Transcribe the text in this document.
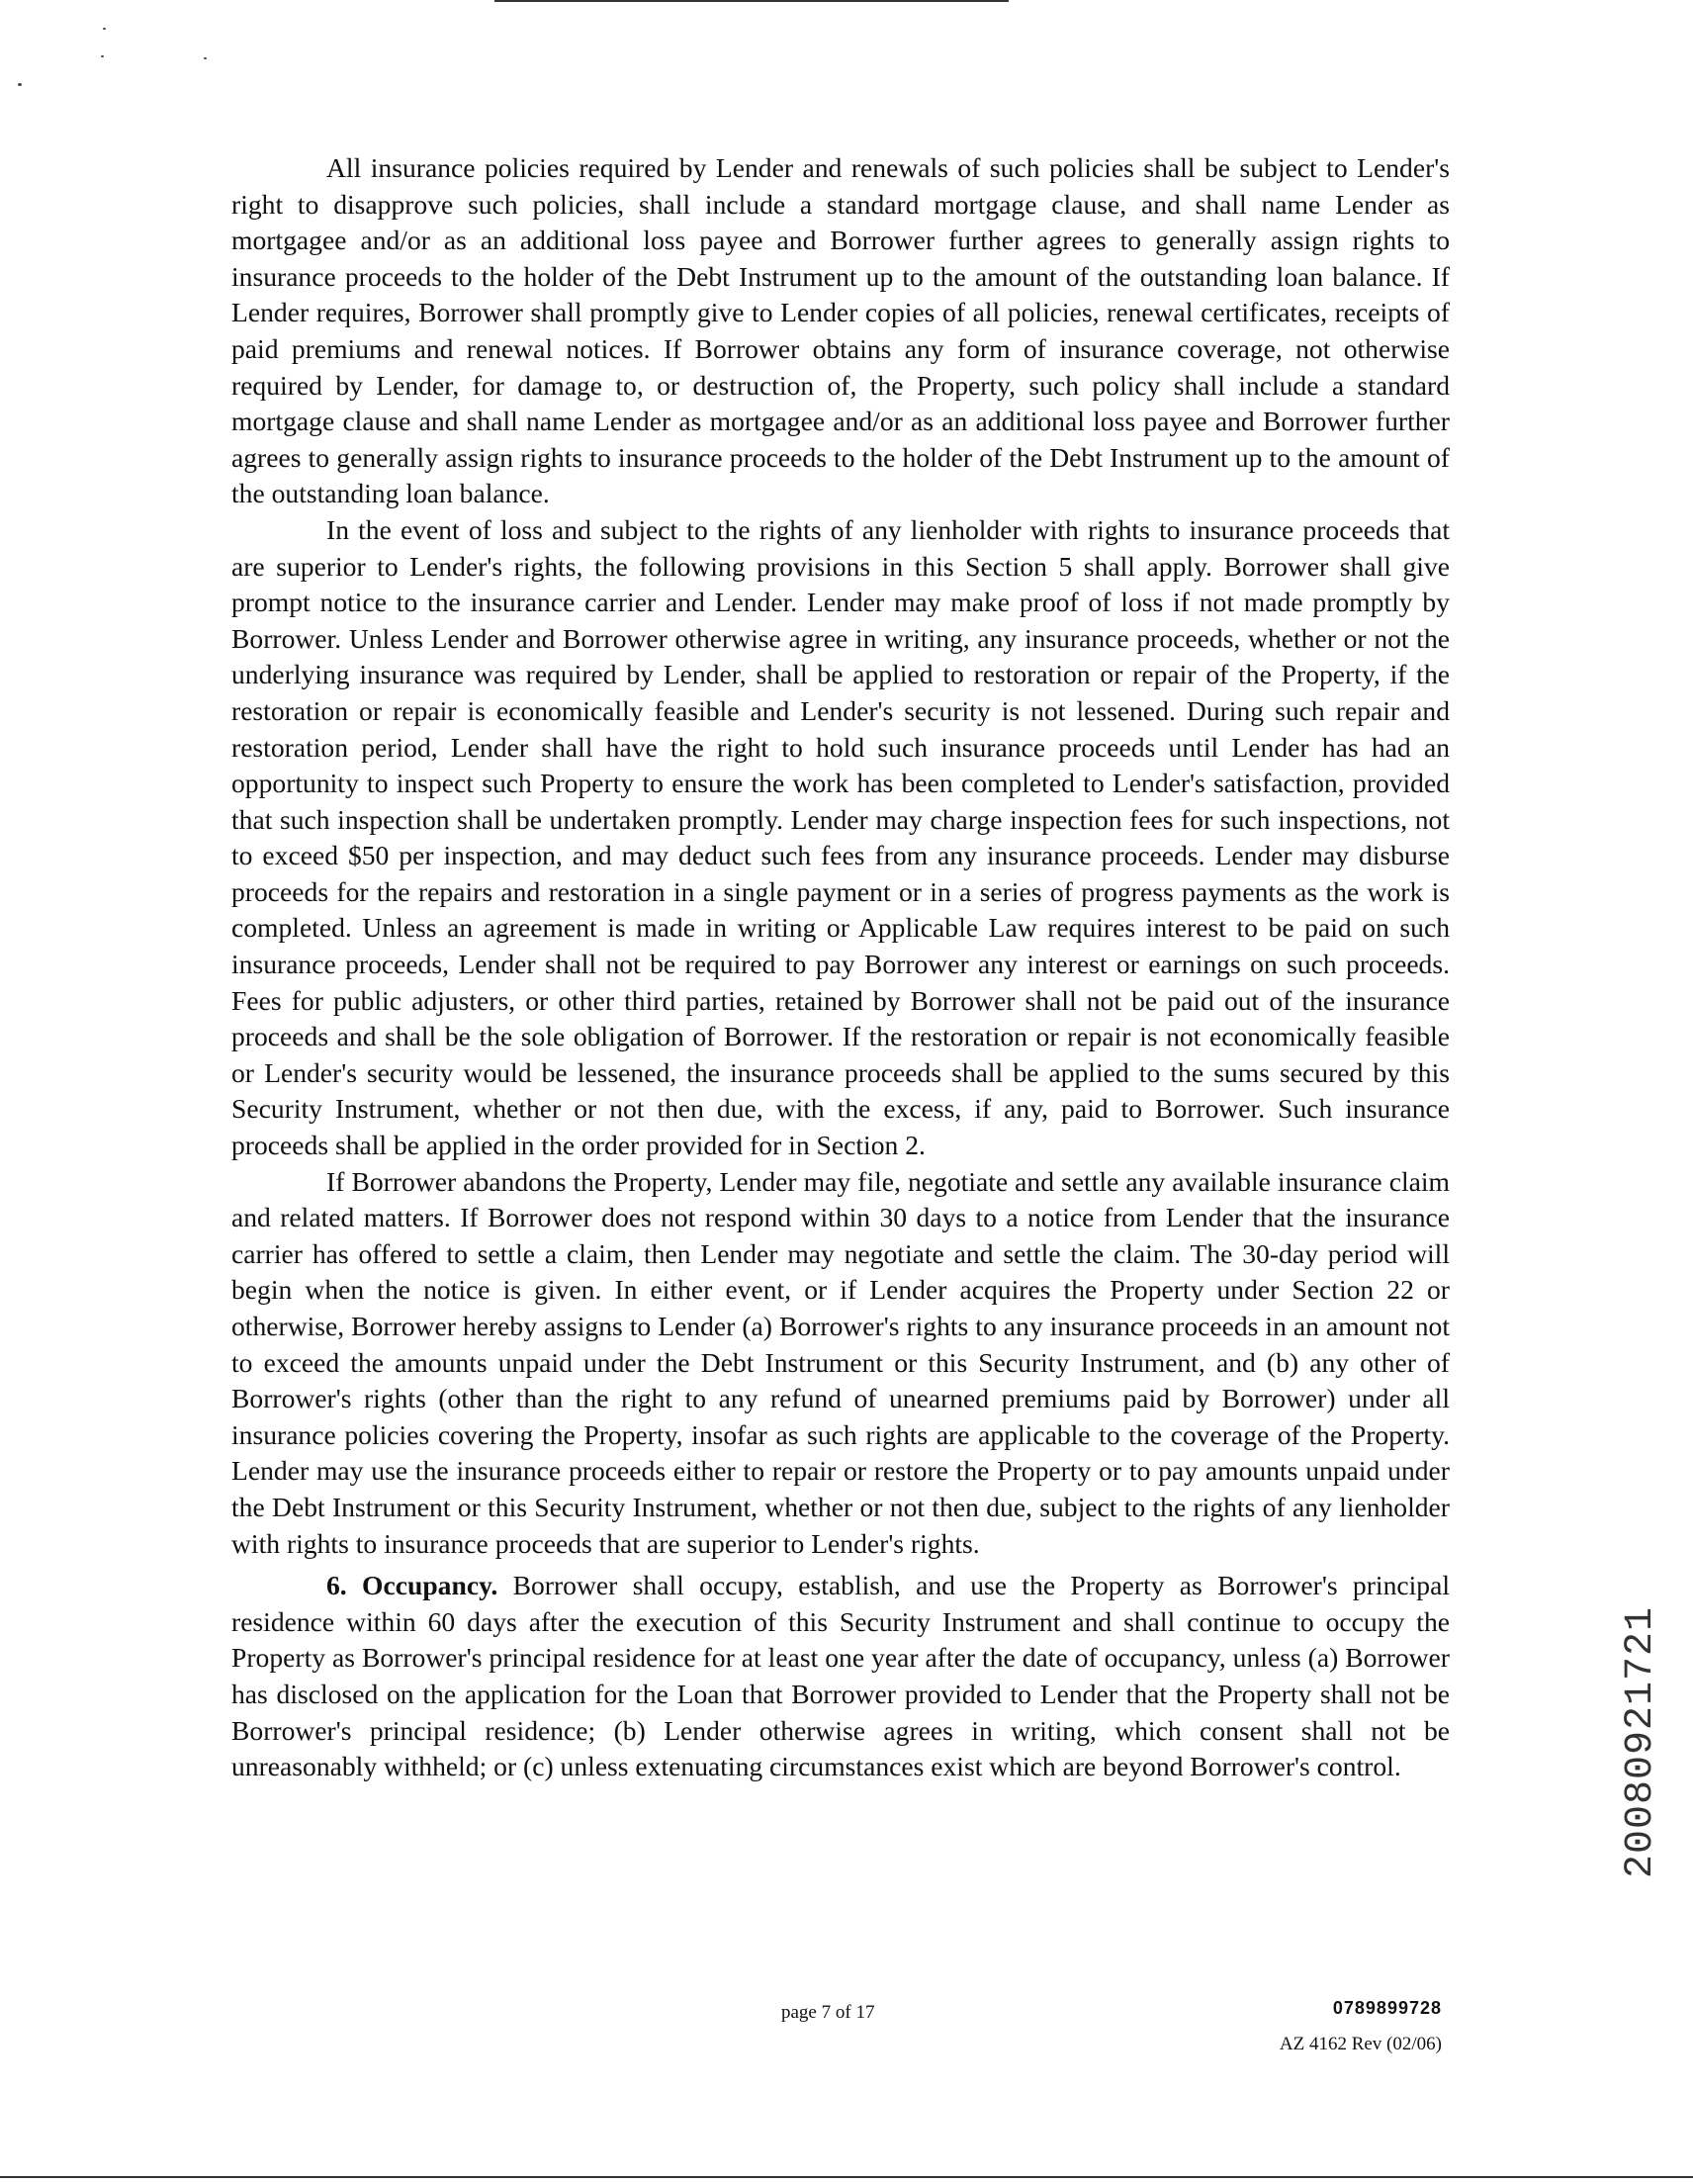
All insurance policies required by Lender and renewals of such policies shall be subject to Lender's right to disapprove such policies, shall include a standard mortgage clause, and shall name Lender as mortgagee and/or as an additional loss payee and Borrower further agrees to generally assign rights to insurance proceeds to the holder of the Debt Instrument up to the amount of the outstanding loan balance. If Lender requires, Borrower shall promptly give to Lender copies of all policies, renewal certificates, receipts of paid premiums and renewal notices. If Borrower obtains any form of insurance coverage, not otherwise required by Lender, for damage to, or destruction of, the Property, such policy shall include a standard mortgage clause and shall name Lender as mortgagee and/or as an additional loss payee and Borrower further agrees to generally assign rights to insurance proceeds to the holder of the Debt Instrument up to the amount of the outstanding loan balance.

In the event of loss and subject to the rights of any lienholder with rights to insurance proceeds that are superior to Lender's rights, the following provisions in this Section 5 shall apply. Borrower shall give prompt notice to the insurance carrier and Lender. Lender may make proof of loss if not made promptly by Borrower. Unless Lender and Borrower otherwise agree in writing, any insurance proceeds, whether or not the underlying insurance was required by Lender, shall be applied to restoration or repair of the Property, if the restoration or repair is economically feasible and Lender's security is not lessened. During such repair and restoration period, Lender shall have the right to hold such insurance proceeds until Lender has had an opportunity to inspect such Property to ensure the work has been completed to Lender's satisfaction, provided that such inspection shall be undertaken promptly. Lender may charge inspection fees for such inspections, not to exceed $50 per inspection, and may deduct such fees from any insurance proceeds. Lender may disburse proceeds for the repairs and restoration in a single payment or in a series of progress payments as the work is completed. Unless an agreement is made in writing or Applicable Law requires interest to be paid on such insurance proceeds, Lender shall not be required to pay Borrower any interest or earnings on such proceeds. Fees for public adjusters, or other third parties, retained by Borrower shall not be paid out of the insurance proceeds and shall be the sole obligation of Borrower. If the restoration or repair is not economically feasible or Lender's security would be lessened, the insurance proceeds shall be applied to the sums secured by this Security Instrument, whether or not then due, with the excess, if any, paid to Borrower. Such insurance proceeds shall be applied in the order provided for in Section 2.

If Borrower abandons the Property, Lender may file, negotiate and settle any available insurance claim and related matters. If Borrower does not respond within 30 days to a notice from Lender that the insurance carrier has offered to settle a claim, then Lender may negotiate and settle the claim. The 30-day period will begin when the notice is given. In either event, or if Lender acquires the Property under Section 22 or otherwise, Borrower hereby assigns to Lender (a) Borrower's rights to any insurance proceeds in an amount not to exceed the amounts unpaid under the Debt Instrument or this Security Instrument, and (b) any other of Borrower's rights (other than the right to any refund of unearned premiums paid by Borrower) under all insurance policies covering the Property, insofar as such rights are applicable to the coverage of the Property. Lender may use the insurance proceeds either to repair or restore the Property or to pay amounts unpaid under the Debt Instrument or this Security Instrument, whether or not then due, subject to the rights of any lienholder with rights to insurance proceeds that are superior to Lender's rights.

6. Occupancy. Borrower shall occupy, establish, and use the Property as Borrower's principal residence within 60 days after the execution of this Security Instrument and shall continue to occupy the Property as Borrower's principal residence for at least one year after the date of occupancy, unless (a) Borrower has disclosed on the application for the Loan that Borrower provided to Lender that the Property shall not be Borrower's principal residence; (b) Lender otherwise agrees in writing, which consent shall not be unreasonably withheld; or (c) unless extenuating circumstances exist which are beyond Borrower's control.

page 7 of 17	0789899728
AZ 4162 Rev (02/06)
20080921721
